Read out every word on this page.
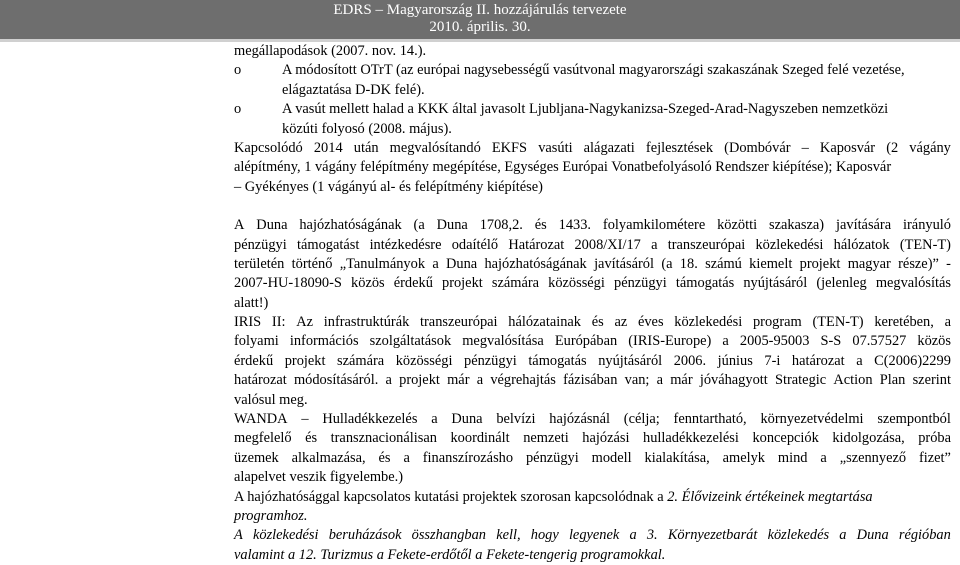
EDRS – Magyarország II. hozzájárulás tervezete
2010. április. 30.
megállapodások (2007. nov. 14.).
o	A módosított OTrT (az európai nagysebességű vasútvonal magyarországi szakaszának Szeged felé vezetése,
elágaztatása D-DK felé).
o	A vasút mellett halad a KKK által javasolt Ljubljana-Nagykanizsa-Szeged-Arad-Nagyszeben nemzetközi
közúti folyosó (2008. május).
Kapcsolódó 2014 után megvalósítandó EKFS vasúti alágazati fejlesztések (Dombóvár – Kaposvár (2 vágány
alépítmény, 1 vágány felépítmény megépítése, Egységes Európai Vonatbefolyásoló Rendszer kiépítése); Kaposvár
– Gyékényes (1 vágányú al- és felépítmény kiépítése)
A Duna hajózhatóságának (a Duna 1708,2. és 1433. folyamkilométere közötti szakasza) javítására irányuló
pénzügyi támogatást intézkedésre odaítélő Határozat 2008/XI/17 a transzeurópai közlekedési hálózatok (TEN-T)
területén történő „Tanulmányok a Duna hajózhatóságának javításáról (a 18. számú kiemelt projekt magyar része)” -
2007-HU-18090-S közös érdekű projekt számára közösségi pénzügyi támogatás nyújtásáról (jelenleg megvalósítás
alatt!)
IRIS II: Az infrastruktúrák transzeurópai hálózatainak és az éves közlekedési program (TEN-T) keretében, a
folyami információs szolgáltatások megvalósítása Európában (IRIS-Europe) a 2005-95003 S-S 07.57527 közös
érdekű projekt számára közösségi pénzügyi támogatás nyújtásáról 2006. június 7-i határozat a C(2006)2299
határozat módosításáról. a projekt már a végrehajtás fázisában van; a már jóváhagyott Strategic Action Plan szerint
valósul meg.
WANDA – Hulladékkezelés a Duna belvízi hajózásnál (célja; fenntartható, környezetvédelmi szempontból
megfelelő és transznacionálisan koordinált nemzeti hajózási hulladékkezelési koncepciók kidolgozása, próba
üzemek alkalmazása, és a finanszírozásho pénzügyi modell kialakítása, amelyk mind a „szennyező fizet”
alapelvet veszik figyelembe.)
A hajózhatósággal kapcsolatos kutatási projektek szorosan kapcsolódnak a 2. Élővizeink értékeinek megtartása
programhoz.
A közlekedési beruházások összhangban kell, hogy legyenek a 3. Környezetbarát közlekedés a Duna régióban
valamint a 12. Turizmus a Fekete-erdőtől a Fekete-tengerig programokkal.
